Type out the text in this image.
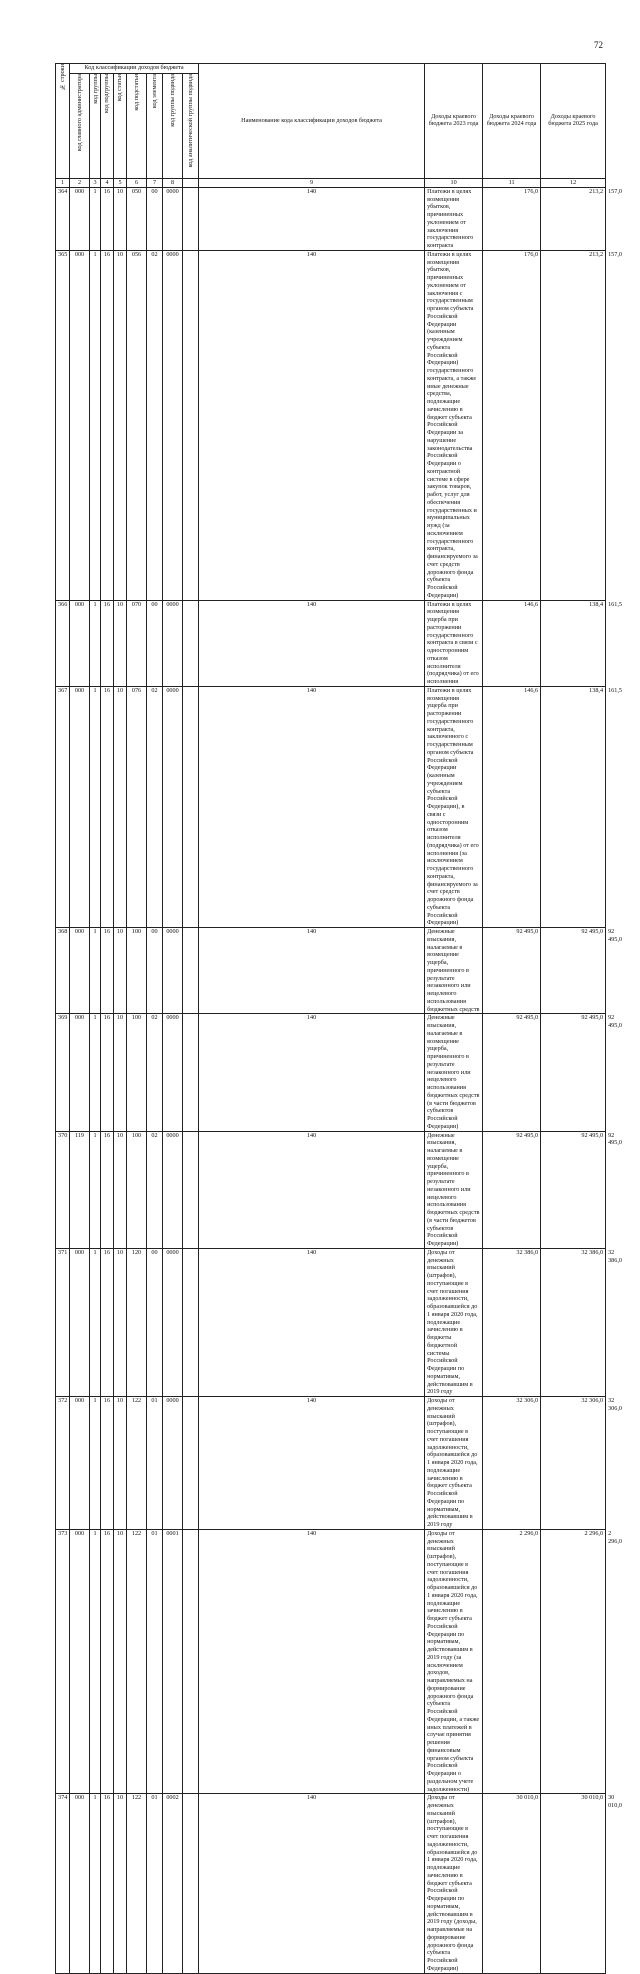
72
№ строки	Код классификации доходов бюджета								Наименование кода классификации доходов бюджета	Доходы краевого бюджета 2023 года	Доходы краевого бюджета 2024 года	Доходы краевого бюджета 2025 года	
	код главного администратора	код группы	код подгруппы	код статьи	код подстатьи	код элемента	код группы подвида	код аналитической группы подвида					
1	2	3	4	5	6	7	8		9	10	11	12	
364	000	1	16	10	050	00	0000		140	Платежи в целях возмещения убытков, причиненных уклонением от заключения государственного контракта	176,0	213,2	157,0
365	000	1	16	10	056	02	0000		140	Платежи в целях возмещения убытков, причиненных уклонением от заключения с государственным органом субъекта Российской Федерации (казенным учреждением субъекта Российской Федерации) государственного контракта, а также иные денежные средства, подлежащие зачислению в бюджет субъекта Российской Федерации за нарушение законодательства Российской Федерации о контрактной системе в сфере закупок товаров, работ, услуг для обеспечения государственных и муниципальных нужд (за исключением государственного контракта, финансируемого за счет средств дорожного фонда субъекта Российской Федерации)	176,0	213,2	157,0
366	000	1	16	10	070	00	0000		140	Платежи в целях возмещения ущерба при расторжении государственного контракта в связи с односторонним отказом исполнителя (подрядчика) от его исполнения	146,6	138,4	161,5
367	000	1	16	10	076	02	0000		140	Платежи в целях возмещения ущерба при расторжении государственного контракта, заключенного с государственным органом субъекта Российской Федерации (казенным учреждением субъекта Российской Федерации), в связи с односторонним отказом исполнителя (подрядчика) от его исполнения (за исключением государственного контракта, финансируемого за счет средств дорожного фонда субъекта Российской Федерации)	146,6	138,4	161,5
368	000	1	16	10	100	00	0000		140	Денежные взыскания, налагаемые в возмещение ущерба, причиненного в результате незаконного или нецелевого использования бюджетных средств	92 495,0	92 495,0	92 495,0
369	000	1	16	10	100	02	0000		140	Денежные взыскания, налагаемые в возмещение ущерба, причиненного в результате незаконного или нецелевого использования бюджетных средств (в части бюджетов субъектов Российской Федерации)	92 495,0	92 495,0	92 495,0
370	119	1	16	10	100	02	0000		140	Денежные взыскания, налагаемые в возмещение ущерба, причиненного в результате незаконного или нецелевого использования бюджетных средств (в части бюджетов субъектов Российской Федерации)	92 495,0	92 495,0	92 495,0
371	000	1	16	10	120	00	0000		140	Доходы от денежных взысканий (штрафов), поступающие в счет погашения задолженности, образовавшейся до 1 января 2020 года, подлежащие зачислению в бюджеты бюджетной системы Российской Федерации по нормативам, действовавшим в 2019 году	32 386,0	32 386,0	32 386,0
372	000	1	16	10	122	01	0000		140	Доходы от денежных взысканий (штрафов), поступающие в счет погашения задолженности, образовавшейся до 1 января 2020 года, подлежащие зачислению в бюджет субъекта Российской Федерации по нормативам, действовавшим в 2019 году	32 306,0	32 306,0	32 306,0
373	000	1	16	10	122	01	0001		140	Доходы от денежных взысканий (штрафов), поступающие в счет погашения задолженности, образовавшейся до 1 января 2020 года, подлежащие зачислению в бюджет субъекта Российской Федерации по нормативам, действовавшим в 2019 году (за исключением доходов, направляемых на формирование дорожного фонда субъекта Российской Федерации, а также иных платежей в случае принятия решения финансовым органом субъекта Российской Федерации о раздельном учете задолженности)	2 296,0	2 296,0	2 296,0
374	000	1	16	10	122	01	0002		140	Доходы от денежных взысканий (штрафов), поступающие в счет погашения задолженности, образовавшейся до 1 января 2020 года, подлежащие зачислению в бюджет субъекта Российской Федерации по нормативам, действовавшим в 2019 году (доходы, направляемые на формирование дорожного фонда субъекта Российской Федерации)	30 010,0	30 010,0	30 010,0
